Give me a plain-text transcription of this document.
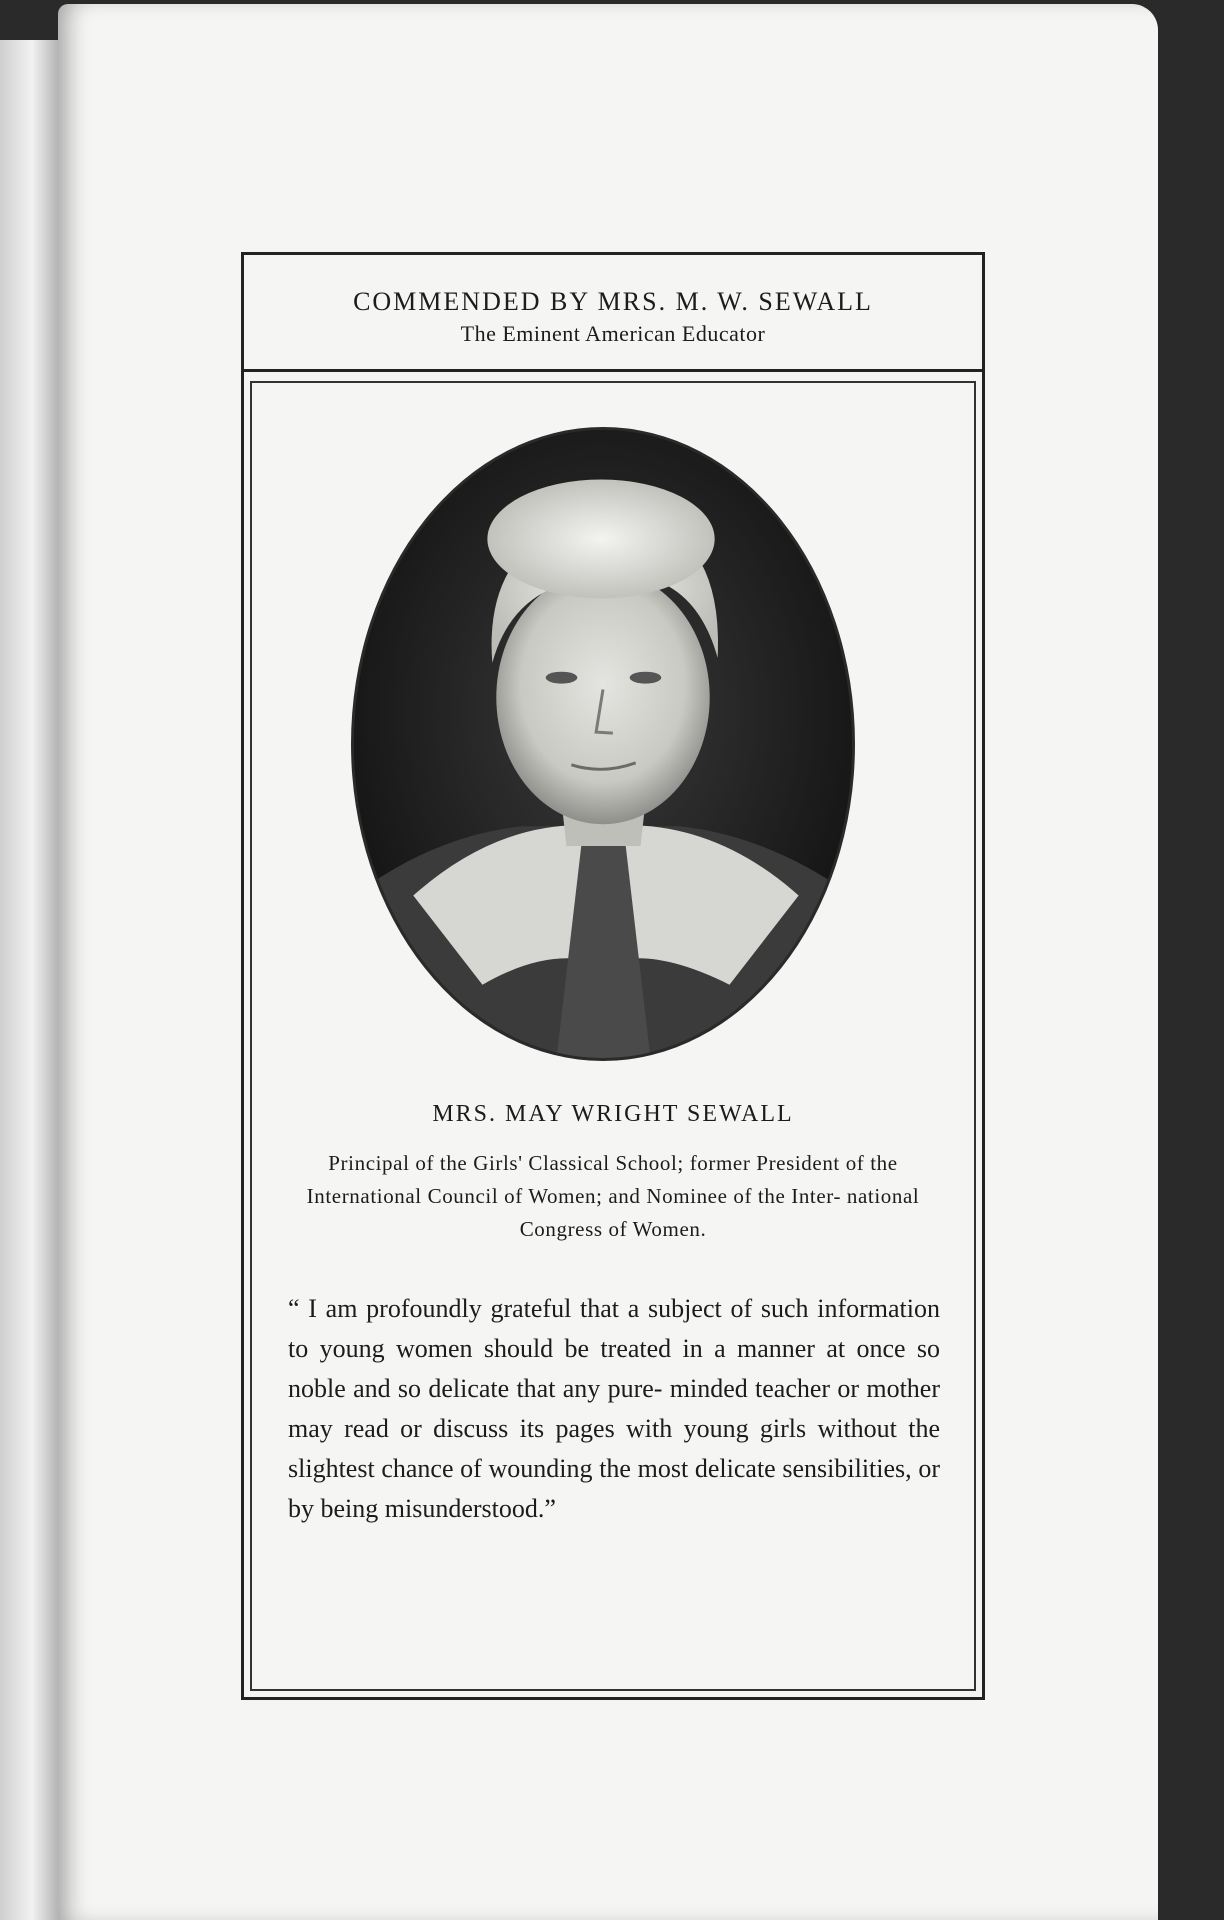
COMMENDED BY MRS. M. W. SEWALL
The Eminent American Educator
MRS. MAY WRIGHT SEWALL
Principal of the Girls' Classical School; former President of the International Council of Women; and Nominee of the Inter- national Congress of Women.
“ I am profoundly grateful that a subject of such information to young women should be treated in a manner at once so noble and so delicate that any pure- minded teacher or mother may read or discuss its pages with young girls without the slightest chance of wounding the most delicate sensibilities, or by being misunderstood.”
